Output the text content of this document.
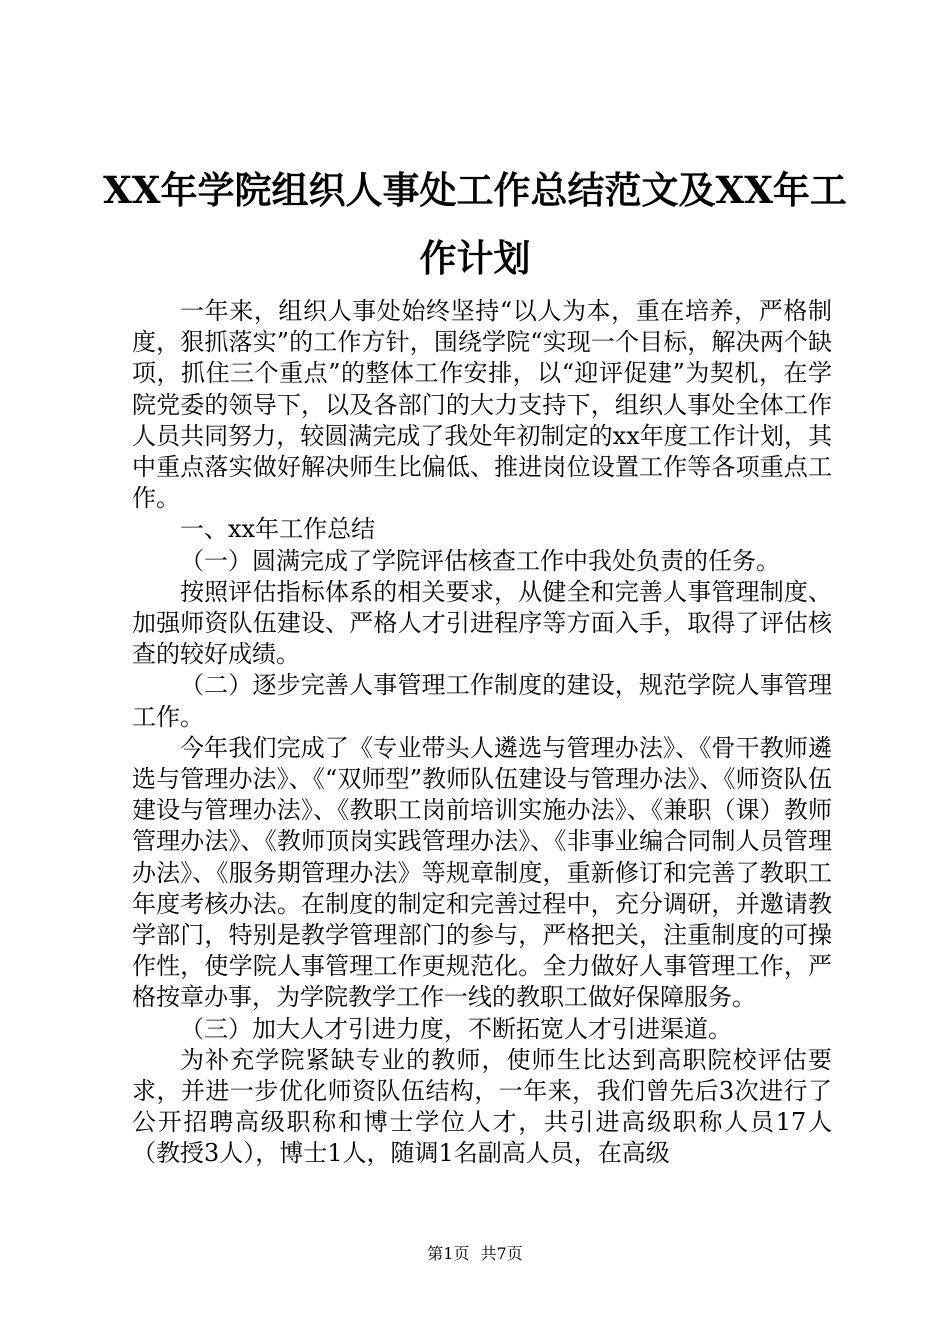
XX年学院组织人事处工作总结范文及XX年工
作计划

一年来，组织人事处始终坚持“以人为本，重在培养，严格制度，狠抓落实”的工作方针，围绕学院“实现一个目标，解决两个缺项，抓住三个重点”的整体工作安排，以“迎评促建”为契机，在学院党委的领导下，以及各部门的大力支持下，组织人事处全体工作人员共同努力，较圆满完成了我处年初制定的xx年度工作计划，其中重点落实做好解决师生比偏低、推进岗位设置工作等各项重点工作。

一、xx年工作总结

（一）圆满完成了学院评估核查工作中我处负责的任务。

按照评估指标体系的相关要求，从健全和完善人事管理制度、加强师资队伍建设、严格人才引进程序等方面入手，取得了评估核查的较好成绩。

（二）逐步完善人事管理工作制度的建设，规范学院人事管理工作。

今年我们完成了《专业带头人遴选与管理办法》、《骨干教师遴选与管理办法》、《“双师型”教师队伍建设与管理办法》、《师资队伍建设与管理办法》、《教职工岗前培训实施办法》、《兼职（课）教师管理办法》、《教师顶岗实践管理办法》、《非事业编合同制人员管理办法》、《服务期管理办法》等规章制度，重新修订和完善了教职工年度考核办法。在制度的制定和完善过程中，充分调研，并邀请教学部门，特别是教学管理部门的参与，严格把关，注重制度的可操作性，使学院人事管理工作更规范化。全力做好人事管理工作，严格按章办事，为学院教学工作一线的教职工做好保障服务。

（三）加大人才引进力度，不断拓宽人才引进渠道。

为补充学院紧缺专业的教师，使师生比达到高职院校评估要求，并进一步优化师资队伍结构，一年来，我们曾先后3次进行了公开招聘高级职称和博士学位人才，共引进高级职称人员17人（教授3人），博士1人，随调1名副高人员，在高级

第1页 共7页
